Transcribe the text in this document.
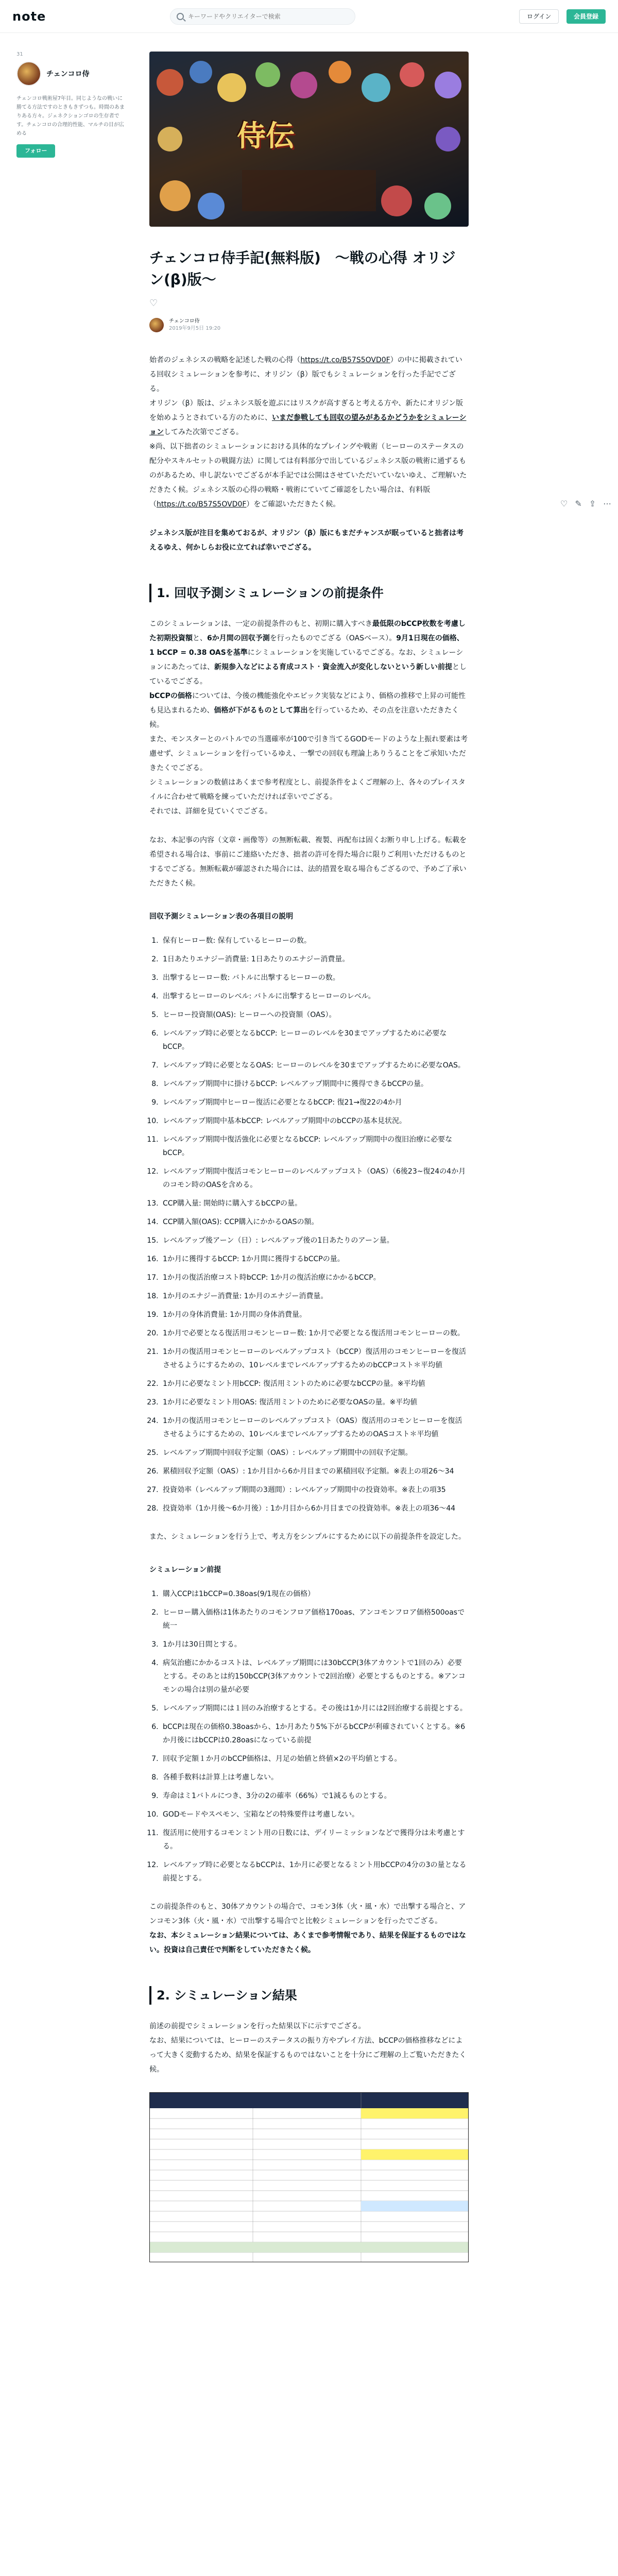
note
キーワードやクリエイターで検索	ログイン	会員登録
31
チェンコロ侍
チェンコロ戦術屋7年目。同じようなの戦いに勝てる方法ですのときもきずつも。時間のあまりある方々。ジェネクションゴロの生存者です。チェンコロの合理的性能、マルチの目が広める
フォロー
♡ ✎ ⇪ ⋯
侍伝
チェンコロ侍手記(無料版)　～戦の心得 オリジン(β)版～
♡
チェンコロ侍
2019年9月5日 19:20

始者のジェネシスの戦略を記述した戦の心得（https://t.co/B57S5OVD0F）の中に掲載されている回収シミュレーションを参考に、オリジン（β）版でもシミュレーションを行った手記でござる。
オリジン（β）版は、ジェネシス版を遊ぶにはリスクが高すぎると考える方や、新たにオリジン版を始めようとされている方のために、いまだ参戦しても回収の望みがあるかどうかをシミュレーションしてみた次第でござる。
※尚、以下拙者のシミュレーションにおける具体的なプレイングや戦術（ヒーローのステータスの配分やスキルセットの戦闘方法）に関しては有料部分で出しているジェネシス版の戦術に通ずるものがあるため、申し訳ないでござるが本手記では公開はさせていただいていないゆえ、ご理解いただきたく候。ジェネシス版の心得の戦略・戦術にていてご確認をしたい場合は、有料版（https://t.co/B57S5OVD0F）をご確認いただきたく候。

ジェネシス版が注目を集めておるが、オリジン（β）版にもまだチャンスが眠っていると拙者は考えるゆえ、何かしらお役に立てれば幸いでござる。

1. 回収予測シミュレーションの前提条件

このシミュレーションは、一定の前提条件のもと、初期に購入すべき最低限のbCCP枚数を考慮した初期投資額と、6か月間の回収予測を行ったものでござる（OASベース）。9月1日現在の価格、1 bCCP = 0.38 OASを基準にシミュレーションを実施しているでござる。なお、シミュレーションにあたっては、新規参入などによる育成コスト・資金流入が変化しないという新しい前提としているでござる。
bCCPの価格については、今後の機能強化やエピック実装などにより、価格の推移で上昇の可能性も見込まれるため、価格が下がるものとして算出を行っているため、その点を注意いただきたく候。
また、モンスターとのバトルでの当選確率が100で引き当てるGODモードのような上振れ要素は考慮せず、シミュレーションを行っているゆえ、一撃での回収も理論上ありうることをご承知いただきたくでござる。
シミュレーションの数値はあくまで参考程度とし、前提条件をよくご理解の上、各々のプレイスタイルに合わせて戦略を練っていただければ幸いでござる。
それでは、詳細を見ていくでござる。

なお、本記事の内容（文章・画像等）の無断転載、複製、再配布は固くお断り申し上げる。転載を希望される場合は、事前にご連絡いただき、拙者の許可を得た場合に限りご利用いただけるものとするでござる。無断転載が確認された場合には、法的措置を取る場合もござるので、予めご了承いただきたく候。

回収予測シミュレーション表の各項目の説明
1. 保有ヒーロー数: 保有しているヒーローの数。
2. 1日あたりエナジー消費量: 1日あたりのエナジー消費量。
3. 出撃するヒーロー数: バトルに出撃するヒーローの数。
4. 出撃するヒーローのレベル: バトルに出撃するヒーローのレベル。
5. ヒーロー投資額(OAS): ヒーローへの投資額（OAS）。
6. レベルアップ時に必要となるbCCP: ヒーローのレベルを30までアップするために必要なbCCP。
7. レベルアップ時に必要となるOAS: ヒーローのレベルを30までアップするために必要なOAS。
8. レベルアップ期間中に掛けるbCCP: レベルアップ期間中に獲得できるbCCPの量。
9. レベルアップ期間中ヒーロー復活に必要となるbCCP: 復21→復22の4か月
10. レベルアップ期間中基本bCCP: レベルアップ期間中のbCCPの基本見状況。
11. レベルアップ期間中復活強化に必要となるbCCP: レベルアップ期間中の復旧治療に必要なbCCP。
12. レベルアップ期間中復活コモンヒーローのレベルアップコスト（OAS）（6後23~復24の4か月のコモン時のOASを含める。
13. CCP購入量: 開始時に購入するbCCPの量。
14. CCP購入額(OAS): CCP購入にかかるOASの額。
15. レベルアップ後アーン（日）: レベルアップ後の1日あたりのアーン量。
16. 1か月に獲得するbCCP: 1か月間に獲得するbCCPの量。
17. 1か月の復活治療コスト時bCCP: 1か月の復活治療にかかるbCCP。
18. 1か月のエナジー消費量: 1か月のエナジー消費量。
19. 1か月の身体消費量: 1か月間の身体消費量。
20. 1か月で必要となる復活用コモンヒーロー数: 1か月で必要となる復活用コモンヒーローの数。
21. 1か月の復活用コモンヒーローのレベルアップコスト（bCCP）復活用のコモンヒーローを復活させるようにするための、10レベルまでレベルアップするためのbCCPコスト＊平均値
22. 1か月に必要なミント用bCCP: 復活用ミントのために必要なbCCPの量。※平均値
23. 1か月に必要なミント用OAS: 復活用ミントのために必要なOASの量。※平均値
24. 1か月の復活用コモンヒーローのレベルアップコスト（OAS）復活用のコモンヒーローを復活させるようにするための、10レベルまでレベルアップするためのOASコスト＊平均値
25. レベルアップ期間中回収予定額（OAS）: レベルアップ期間中の回収予定額。
26. 累積回収予定額（OAS）: 1か月目から6か月目までの累積回収予定額。※表上の項26～34
27. 投資効率（レベルアップ期間の3週間）: レベルアップ期間中の投資効率。※表上の項35
28. 投資効率（1か月後〜6か月後）: 1か月目から6か月目までの投資効率。※表上の項36～44

また、シミュレーションを行う上で、考え方をシンプルにするために以下の前提条件を設定した。

シミュレーション前提
1. 購入CCPは1bCCP=0.38oas(9/1現在の価格）
2. ヒーロー購入価格は1体あたりのコモンフロア価格170oas、アンコモンフロア価格500oasで統一
3. 1か月は30日間とする。
4. 病気治癒にかかるコストは、レベルアップ期間には30bCCP(3体アカウントで1回のみ）必要とする。そのあとは約150bCCP(3体アカウントで2回治療）必要とするものとする。※アンコモンの場合は別の量が必要
5. レベルアップ期間には１回のみ治療するとする。その後は1か月には2回治療する前提とする。
6. bCCPは現在の価格0.38oasから、1か月あたり5%下がるbCCPが利確されていくとする。※6か月後にはbCCPは0.28oasになっている前提
7. 回収予定額１か月のbCCP価格は、月足の始値と終値×2の平均値とする。
8. 各種手数料は計算上は考慮しない。
9. 寿命はミ1バトルにつき、3分の2の確率（66%）で1減るものとする。
10. GODモードやスペモン、宝箱などの特殊要件は考慮しない。
11. 復活用に使用するコモンミント用の日数には、デイリーミッションなどで獲得分は未考慮とする。
12. レベルアップ時に必要となるbCCPは、1か月に必要となるミント用bCCPの4分の3の量となる前提とする。

この前提条件のもと、30体アカウントの場合で、コモン3体（火・風・水）で出撃する場合と、アンコモン3体（火・風・水）で出撃する場合でと比較シミュレーションを行ったでござる。
なお、本シミュレーション結果については、あくまで参考情報であり、結果を保証するものではない。投資は自己責任で判断をしていただきたく候。

2. シミュレーション結果

前述の前提でシミュレーションを行った結果以下に示すでござる。
なお、結果については、ヒーローのステータスの振り方やプレイ方法、bCCPの価格推移などによって大きく変動するため、結果を保証するものではないことを十分にご理解の上ご覧いただきたく候。
